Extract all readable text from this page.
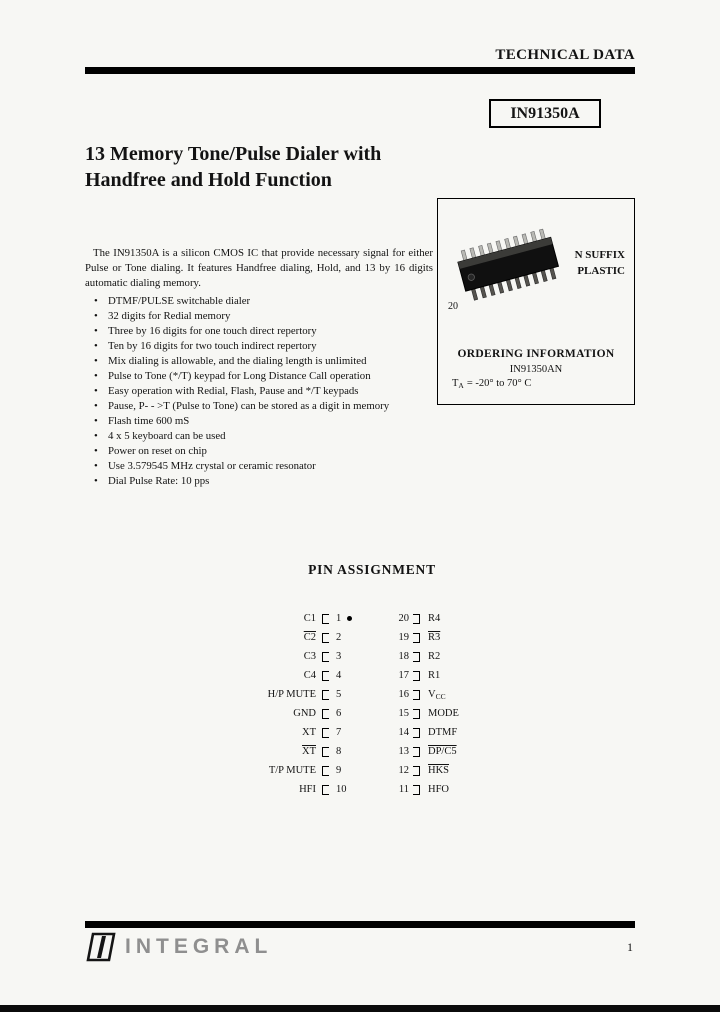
TECHNICAL DATA
IN91350A
13 Memory Tone/Pulse Dialer with Handfree and Hold Function

The IN91350A is a silicon CMOS IC that provide necessary signal for either Pulse or Tone dialing. It features Handfree dialing, Hold, and 13 by 16 digits automatic dialing memory.

• DTMF/PULSE switchable dialer
• 32 digits for Redial memory
• Three by 16 digits for one touch direct repertory
• Ten by 16 digits for two touch indirect repertory
• Mix dialing is allowable, and the dialing length is unlimited
• Pulse to Tone (*/T) keypad for Long Distance Call operation
• Easy operation with Redial, Flash, Pause and */T keypads
• Pause, P- - >T (Pulse to Tone) can be stored as a digit in memory
• Flash time 600 mS
• 4 x 5 keyboard can be used
• Power on reset on chip
• Use 3.579545 MHz crystal or ceramic resonator
• Dial Pulse Rate: 10 pps
N SUFFIX
PLASTIC
20
ORDERING INFORMATION
IN91350AN
TA = -20° to 70° C
PIN ASSIGNMENT
C1	1	20	R4
C2	2	19	R3
C3	3	18	R2
C4	4	17	R1
H/P MUTE	5	16	VCC
GND	6	15	MODE
XT	7	14	DTMF
$\overline{XT}$	8	13	DP/C5
T/P MUTE	9	12	$\overline{HKS}$
HFI	10	11	HFO
INTEGRAL	1
